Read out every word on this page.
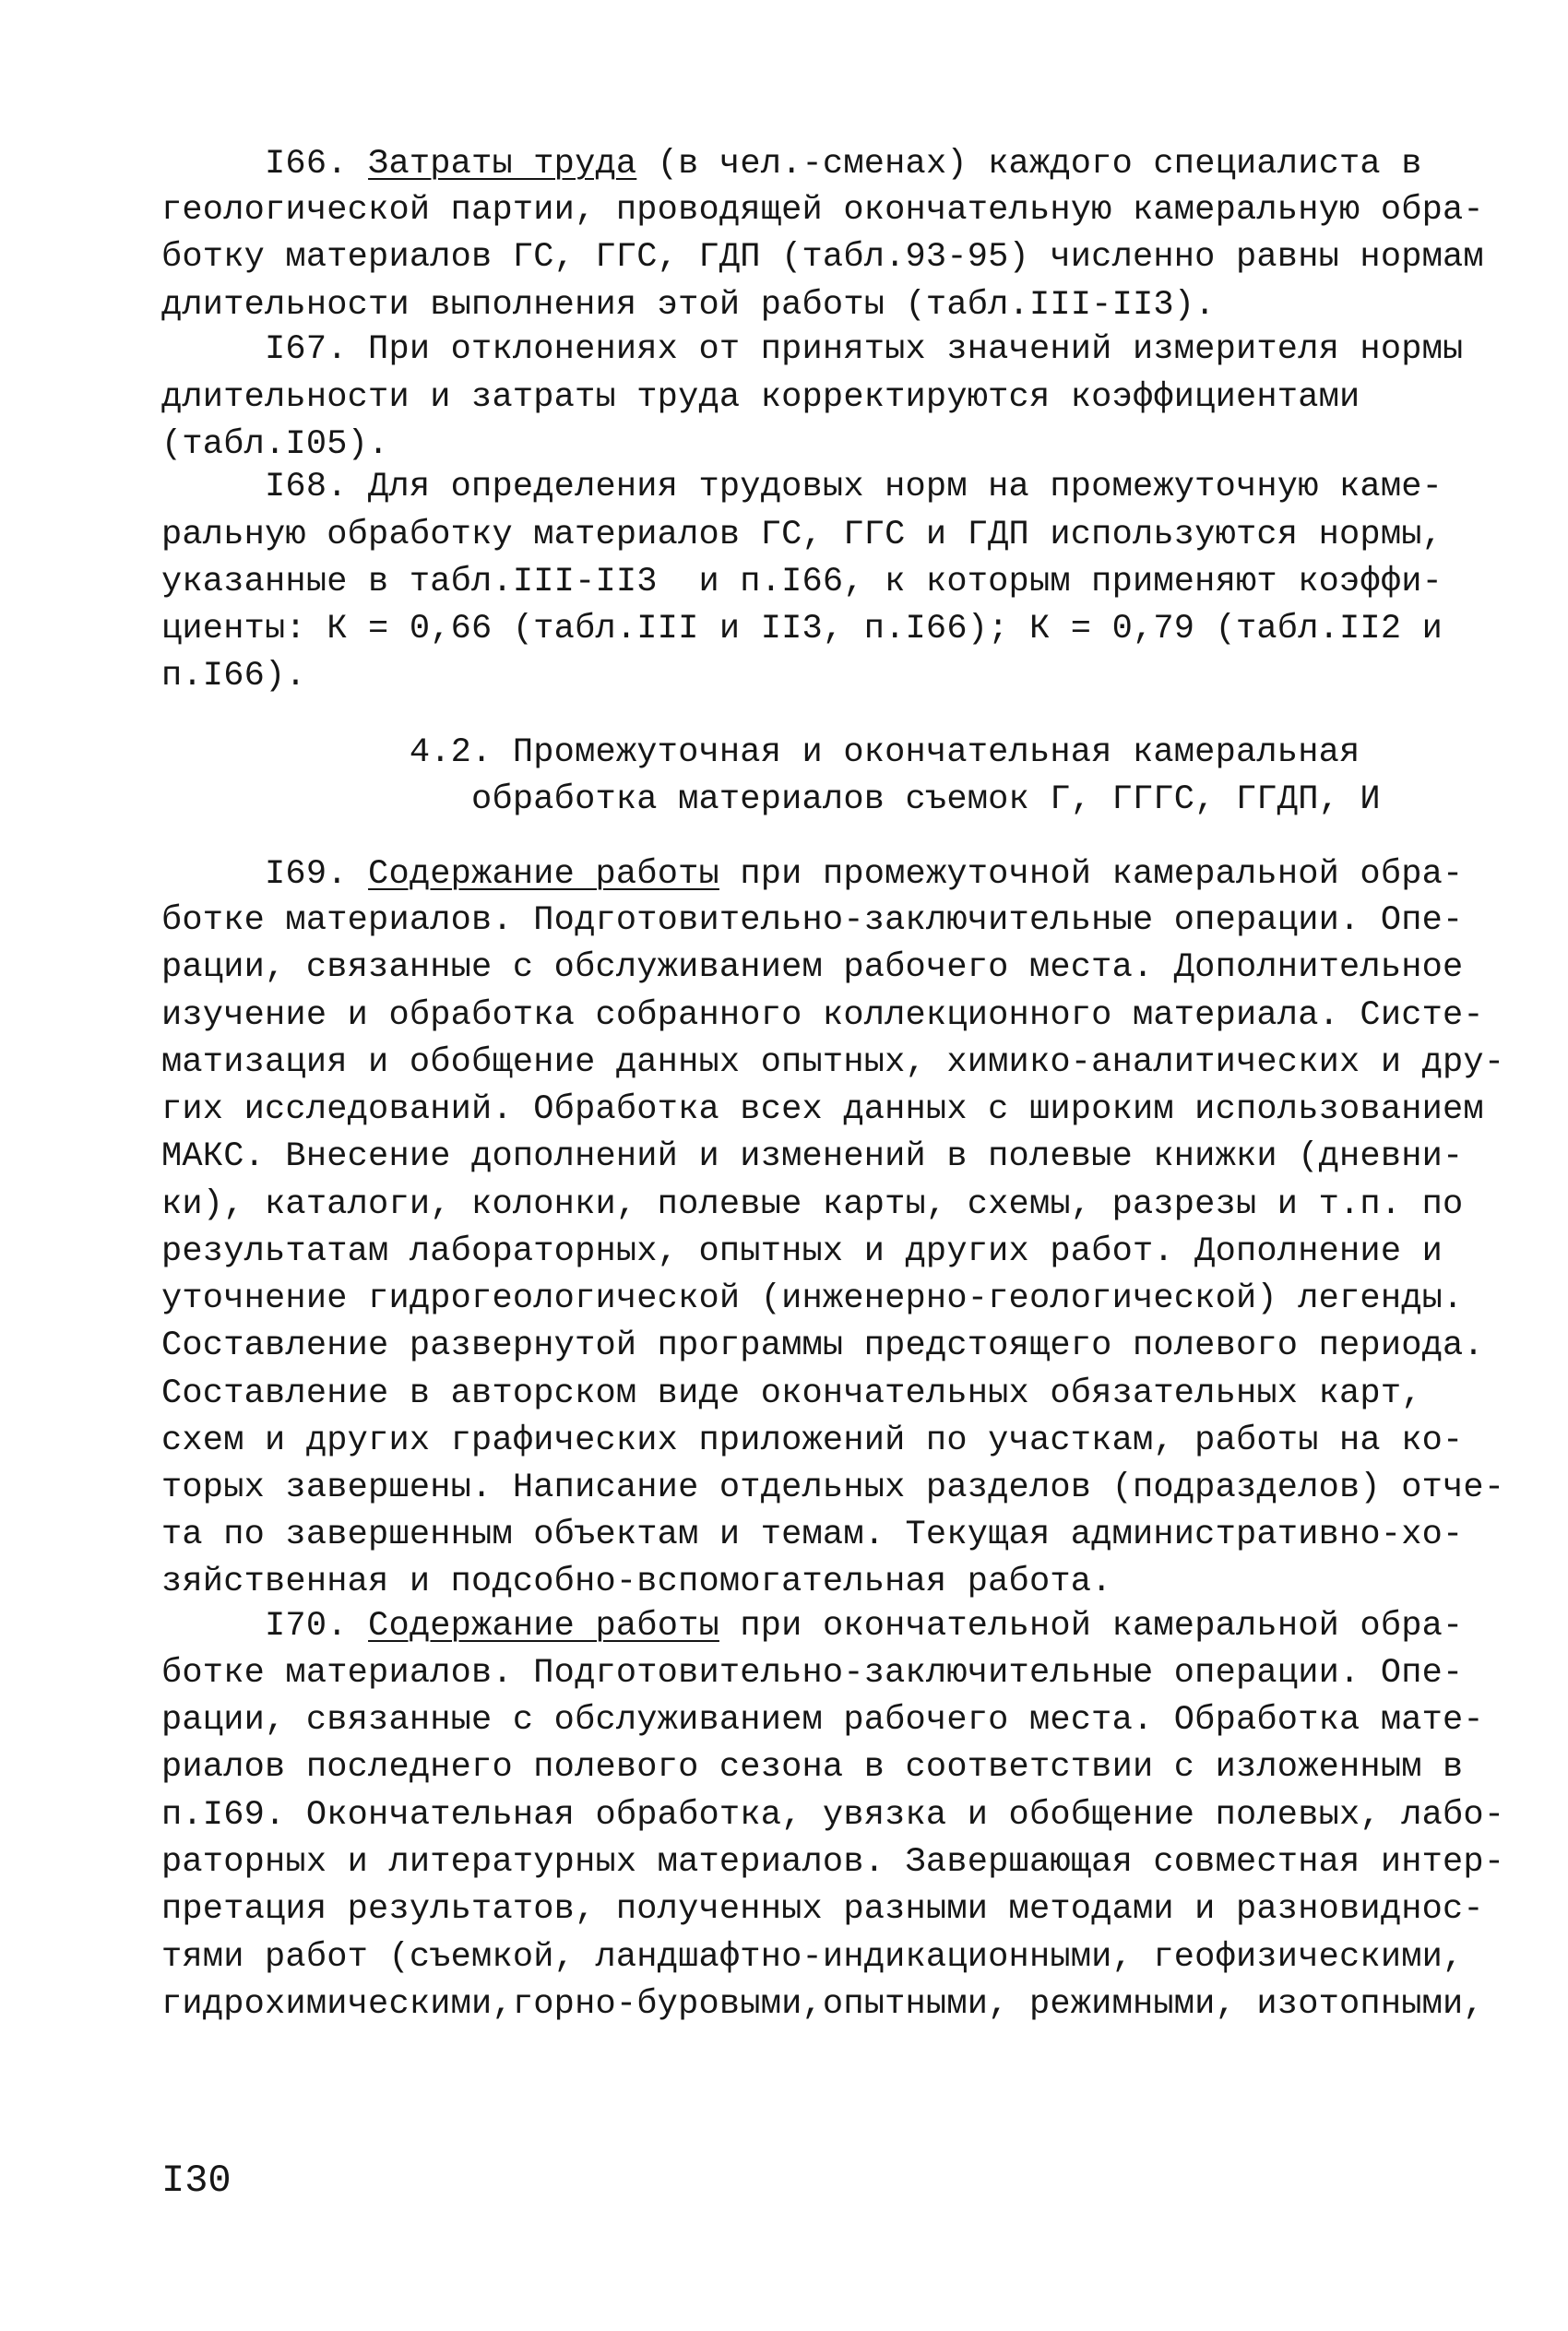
I66. Затраты труда (в чел.-сменах) каждого специалиста в
геологической партии, проводящей окончательную камеральную обра-
ботку материалов ГС, ГГС, ГДП (табл.93-95) численно равны нормам
длительности выполнения этой работы (табл.III-II3).
I67. При отклонениях от принятых значений измерителя нормы
длительности и затраты труда корректируются коэффициентами
(табл.I05).
I68. Для определения трудовых норм на промежуточную каме-
ральную обработку материалов ГС, ГГС и ГДП используются нормы,
указанные в табл.III-II3  и п.I66, к которым применяют коэффи-
циенты: К = 0,66 (табл.III и II3, п.I66); К = 0,79 (табл.II2 и
п.I66).
4.2. Промежуточная и окончательная камеральная
обработка материалов съемок Г, ГГГС, ГГДП, И
I69. Содержание работы при промежуточной камеральной обра-
ботке материалов. Подготовительно-заключительные операции. Опе-
рации, связанные с обслуживанием рабочего места. Дополнительное
изучение и обработка собранного коллекционного материала. Систе-
матизация и обобщение данных опытных, химико-аналитических и дру-
гих исследований. Обработка всех данных с широким использованием
МАКС. Внесение дополнений и изменений в полевые книжки (дневни-
ки), каталоги, колонки, полевые карты, схемы, разрезы и т.п. по
результатам лабораторных, опытных и других работ. Дополнение и
уточнение гидрогеологической (инженерно-геологической) легенды.
Составление развернутой программы предстоящего полевого периода.
Составление в авторском виде окончательных обязательных карт,
схем и других графических приложений по участкам, работы на ко-
торых завершены. Написание отдельных разделов (подразделов) отче-
та по завершенным объектам и темам. Текущая административно-хо-
зяйственная и подсобно-вспомогательная работа.
I70. Содержание работы при окончательной камеральной обра-
ботке материалов. Подготовительно-заключительные операции. Опе-
рации, связанные с обслуживанием рабочего места. Обработка мате-
риалов последнего полевого сезона в соответствии с изложенным в
п.I69. Окончательная обработка, увязка и обобщение полевых, лабо-
раторных и литературных материалов. Завершающая совместная интер-
претация результатов, полученных разными методами и разновиднос-
тями работ (съемкой, ландшафтно-индикационными, геофизическими,
гидрохимическими,горно-буровыми,опытными, режимными, изотопными,
I30
